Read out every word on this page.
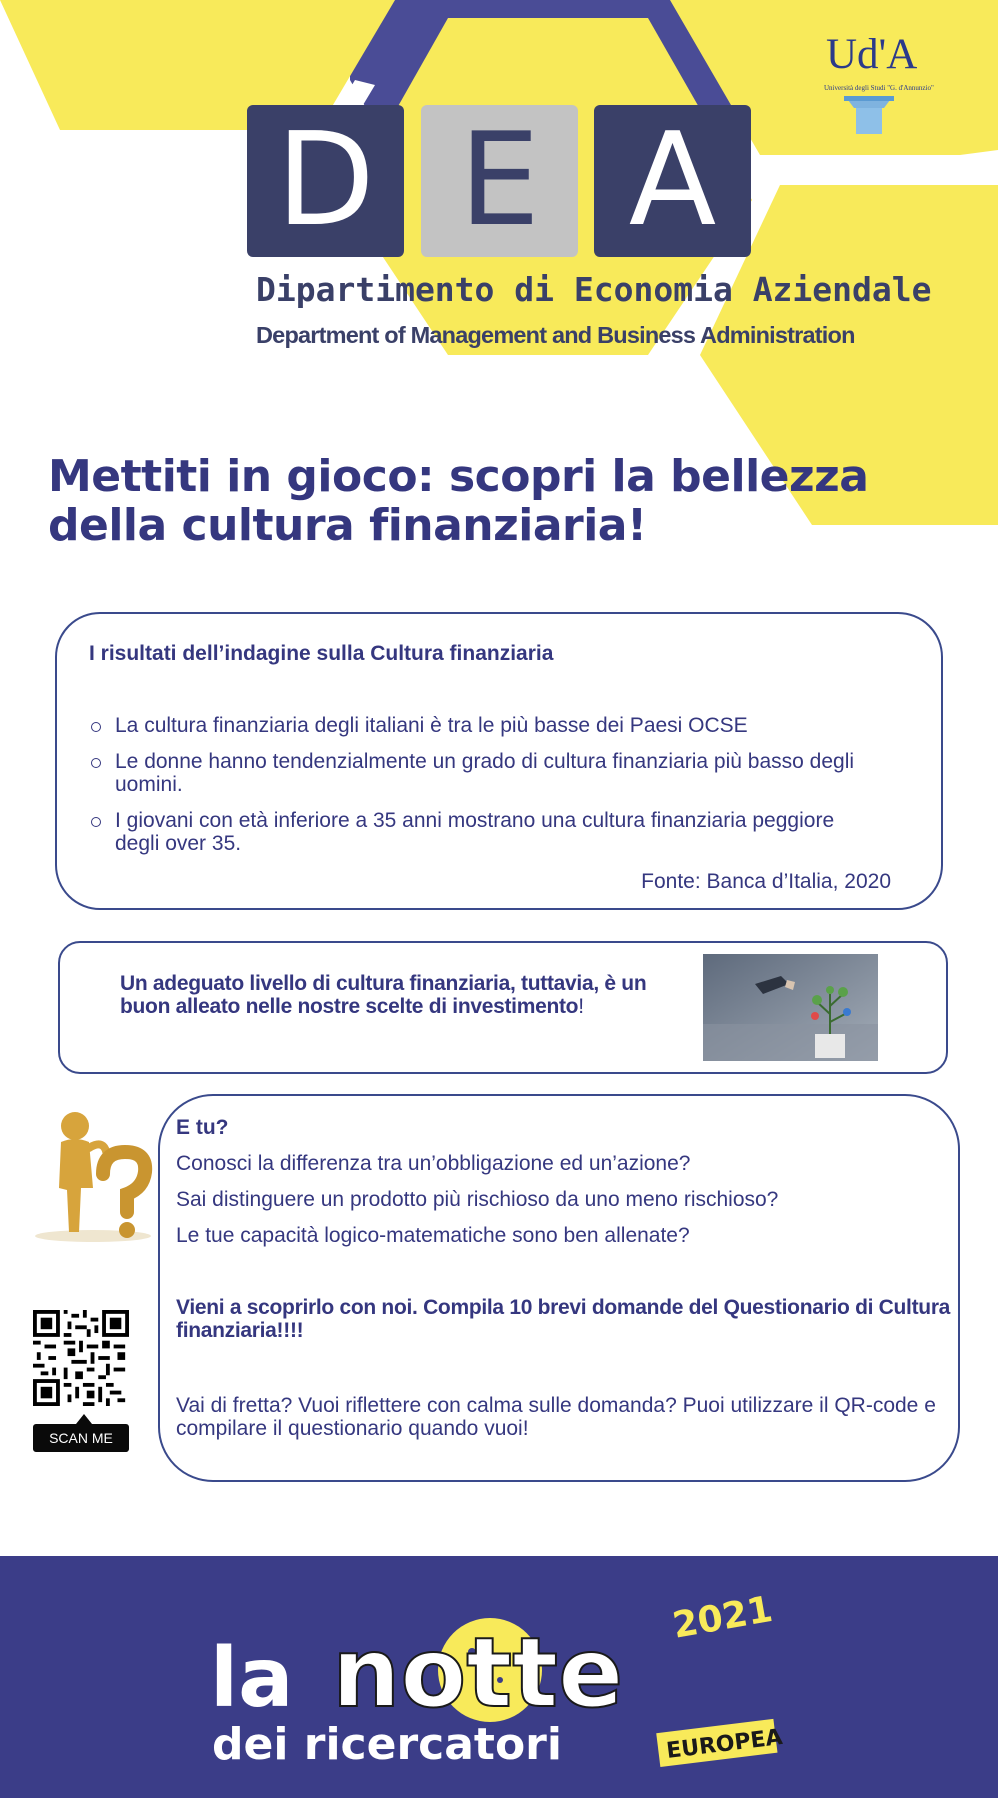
D E A
Dipartimento di Economia Aziendale
Department of Management and Business Administration
Ud'A
Università degli Studi "G. d'Annunzio"
Mettiti in gioco: scopri la bellezza della cultura finanziaria!
I risultati dell’indagine sulla Cultura finanziaria
La cultura finanziaria degli italiani è tra le più basse dei Paesi OCSE
Le donne hanno tendenzialmente un grado di cultura finanziaria più basso degli uomini.
I giovani con età inferiore a 35 anni mostrano una cultura finanziaria peggiore degli over 35.
Fonte: Banca d’Italia, 2020
Un adeguato livello di cultura finanziaria, tuttavia, è un buon alleato nelle nostre scelte di investimento!
SCAN ME
E tu?
Conosci la differenza tra un’obbligazione ed un’azione?
Sai distinguere un prodotto più rischioso da uno meno rischioso?
Le tue capacità logico-matematiche sono ben allenate?
Vieni a scoprirlo con noi. Compila 10 brevi domande del Questionario di Cultura finanziaria!!!!
Vai di fretta? Vuoi riflettere con calma sulle domanda? Puoi utilizzare il QR-code e compilare il questionario quando vuoi!
2021
la notte
dei ricercatori	EUROPEA
